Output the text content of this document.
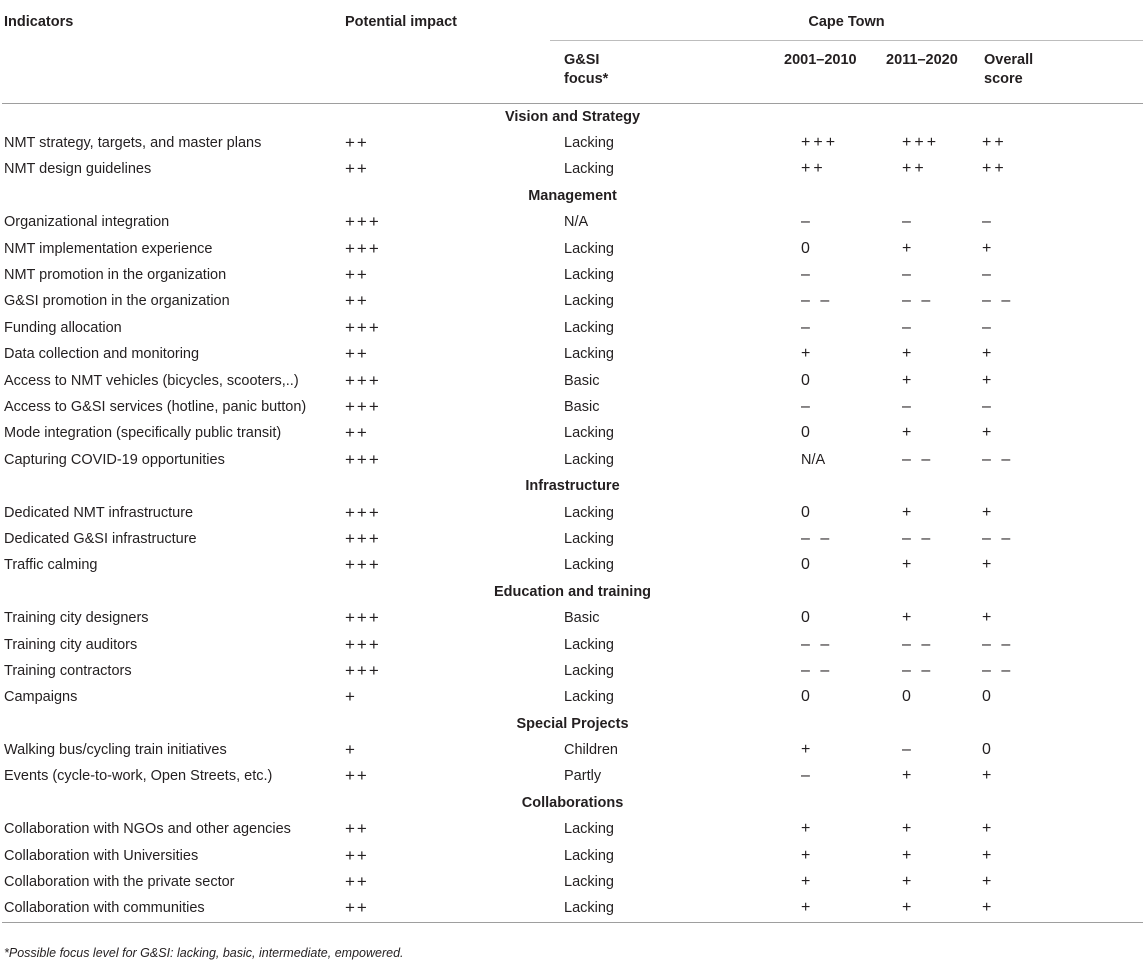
Indicators	Potential impact	Cape Town			
		G&SI focus*	2001–2010	2011–2020	Overall score
Vision and Strategy					
NMT strategy, targets, and master plans	++	Lacking	+++	+++	++
NMT design guidelines	++	Lacking	++	++	++
Management					
Organizational integration	+++	N/A	–	–	–
NMT implementation experience	+++	Lacking	0	+	+
NMT promotion in the organization	++	Lacking	–	–	–
G&SI promotion in the organization	++	Lacking	– –	– –	– –
Funding allocation	+++	Lacking	–	–	–
Data collection and monitoring	++	Lacking	+	+	+
Access to NMT vehicles (bicycles, scooters,..)	+++	Basic	0	+	+
Access to G&SI services (hotline, panic button)	+++	Basic	–	–	–
Mode integration (specifically public transit)	++	Lacking	0	+	+
Capturing COVID-19 opportunities	+++	Lacking	N/A	– –	– –
Infrastructure					
Dedicated NMT infrastructure	+++	Lacking	0	+	+
Dedicated G&SI infrastructure	+++	Lacking	– –	– –	– –
Traffic calming	+++	Lacking	0	+	+
Education and training					
Training city designers	+++	Basic	0	+	+
Training city auditors	+++	Lacking	– –	– –	– –
Training contractors	+++	Lacking	– –	– –	– –
Campaigns	+	Lacking	0	0	0
Special Projects					
Walking bus/cycling train initiatives	+	Children	+	–	0
Events (cycle-to-work, Open Streets, etc.)	++	Partly	–	+	+
Collaborations					
Collaboration with NGOs and other agencies	++	Lacking	+	+	+
Collaboration with Universities	++	Lacking	+	+	+
Collaboration with the private sector	++	Lacking	+	+	+
Collaboration with communities	++	Lacking	+	+	+
*Possible focus level for G&SI: lacking, basic, intermediate, empowered.
